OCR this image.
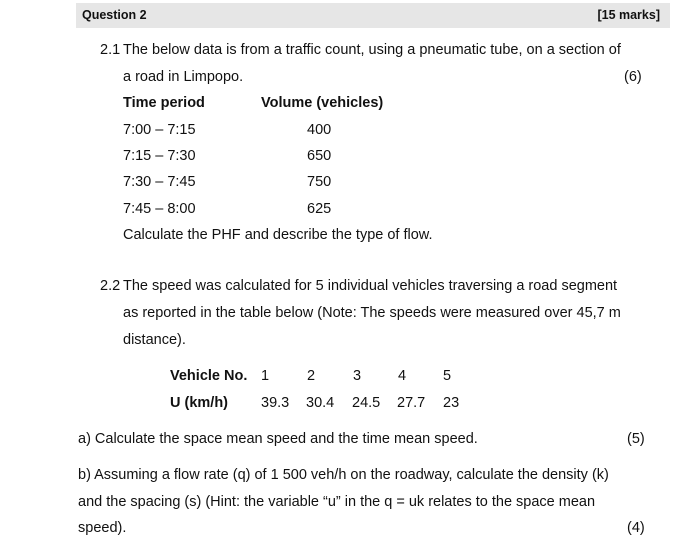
Question 2	[15 marks]
2.1 The below data is from a traffic count, using a pneumatic tube, on a section of
a road in Limpopo.	(6)
Time period	Volume (vehicles)
7:00 – 7:15	400
7:15 – 7:30	650
7:30 – 7:45	750
7:45 – 8:00	625
Calculate the PHF and describe the type of flow.
2.2 The speed was calculated for 5 individual vehicles traversing a road segment
as reported in the table below (Note: The speeds were measured over 45,7 m
distance).
Vehicle No. 1	2	3	4	5
U (km/h) 39.3 30.4 24.5 27.7 23
a) Calculate the space mean speed and the time mean speed.	(5)
b) Assuming a flow rate (q) of 1 500 veh/h on the roadway, calculate the density (k)
and the spacing (s) (Hint: the variable “u” in the q = uk relates to the space mean
speed).	(4)
